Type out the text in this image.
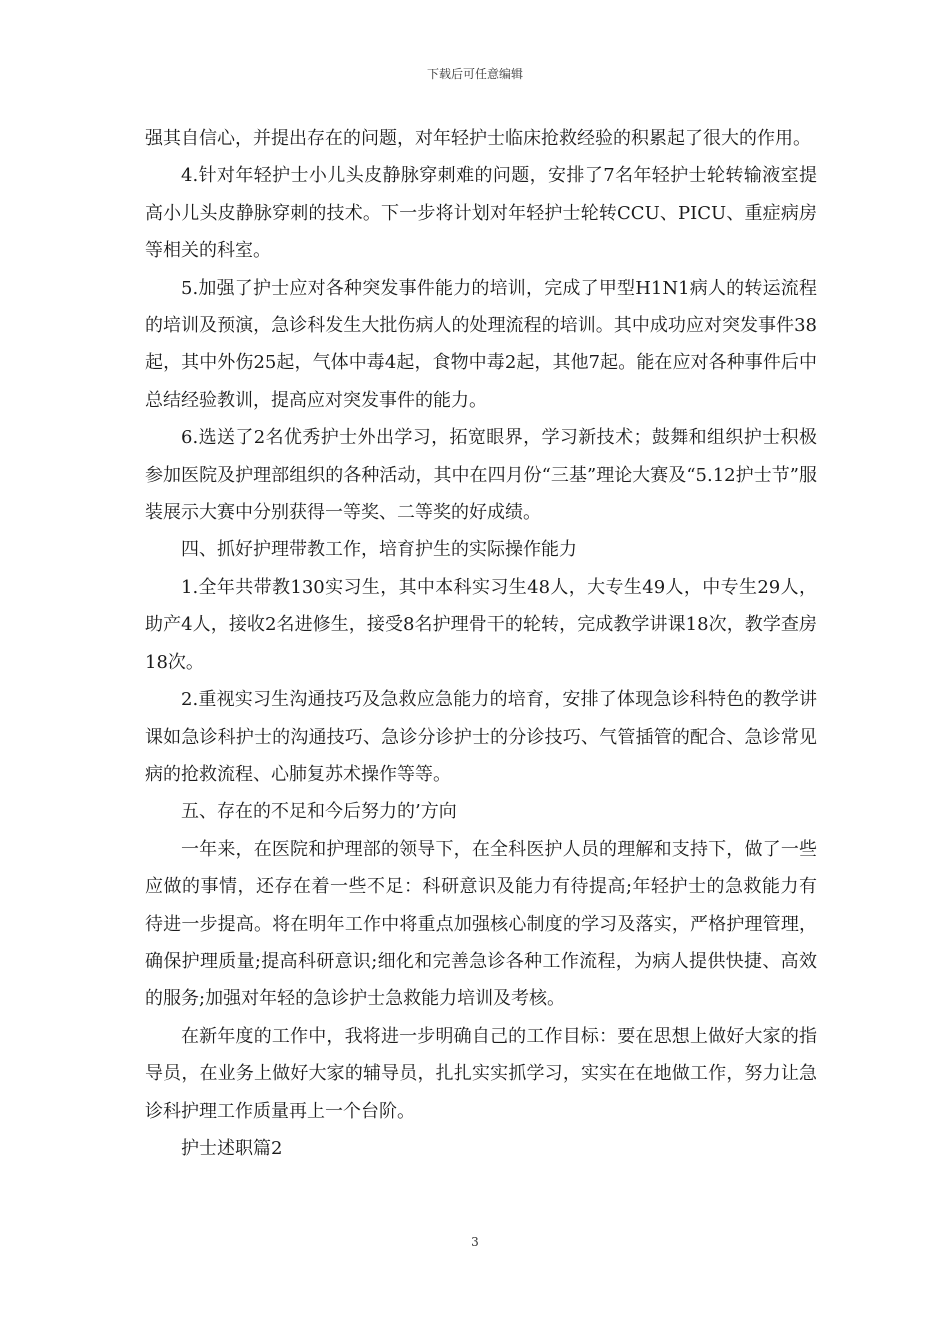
下载后可任意编辑

强其自信心，并提出存在的问题，对年轻护士临床抢救经验的积累起了很大的作用。

4.针对年轻护士小儿头皮静脉穿刺难的问题，安排了7名年轻护士轮转输液室提高小儿头皮静脉穿刺的技术。下一步将计划对年轻护士轮转CCU、PICU、重症病房等相关的科室。

5.加强了护士应对各种突发事件能力的培训，完成了甲型H1N1病人的转运流程的培训及预演，急诊科发生大批伤病人的处理流程的培训。其中成功应对突发事件38起，其中外伤25起，气体中毒4起，食物中毒2起，其他7起。能在应对各种事件后中总结经验教训，提高应对突发事件的能力。

6.选送了2名优秀护士外出学习，拓宽眼界，学习新技术；鼓舞和组织护士积极参加医院及护理部组织的各种活动，其中在四月份“三基”理论大赛及“5.12护士节”服装展示大赛中分别获得一等奖、二等奖的好成绩。

四、抓好护理带教工作，培育护生的实际操作能力

1.全年共带教130实习生，其中本科实习生48人，大专生49人，中专生29人，助产4人，接收2名进修生，接受8名护理骨干的轮转，完成教学讲课18次，教学查房18次。

2.重视实习生沟通技巧及急救应急能力的培育，安排了体现急诊科特色的教学讲课如急诊科护士的沟通技巧、急诊分诊护士的分诊技巧、气管插管的配合、急诊常见病的抢救流程、心肺复苏术操作等等。

五、存在的不足和今后努力的’方向

一年来，在医院和护理部的领导下，在全科医护人员的理解和支持下，做了一些应做的事情，还存在着一些不足：科研意识及能力有待提高;年轻护士的急救能力有待进一步提高。将在明年工作中将重点加强核心制度的学习及落实，严格护理管理，确保护理质量;提高科研意识;细化和完善急诊各种工作流程，为病人提供快捷、高效的服务;加强对年轻的急诊护士急救能力培训及考核。

在新年度的工作中，我将进一步明确自己的工作目标：要在思想上做好大家的指导员，在业务上做好大家的辅导员，扎扎实实抓学习，实实在在地做工作，努力让急诊科护理工作质量再上一个台阶。

护士述职篇2

3
